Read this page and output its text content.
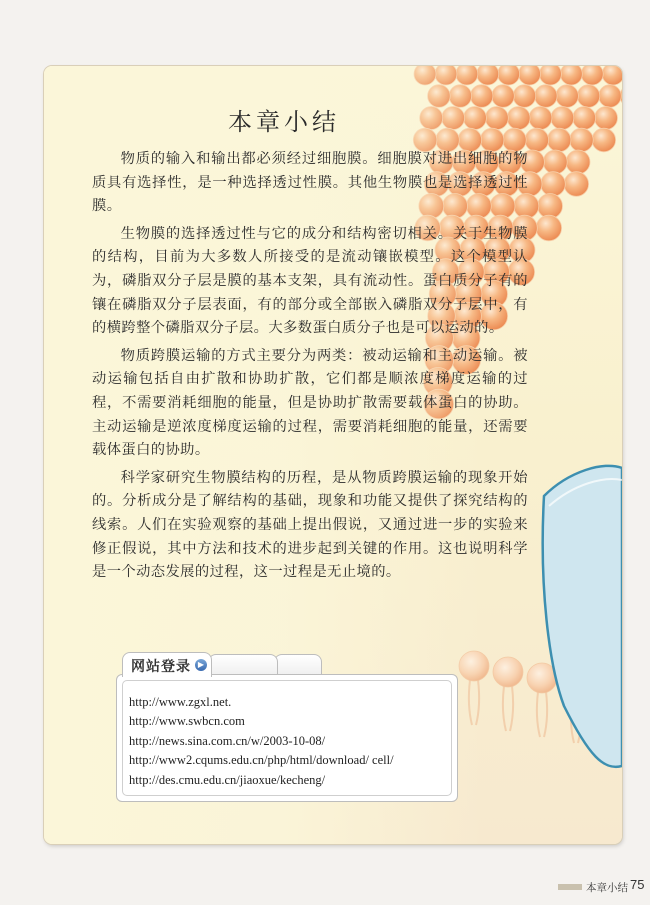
本章小结

物质的输入和输出都必须经过细胞膜。细胞膜对进出细胞的物质具有选择性，是一种选择透过性膜。其他生物膜也是选择透过性膜。

生物膜的选择透过性与它的成分和结构密切相关。关于生物膜的结构，目前为大多数人所接受的是流动镶嵌模型。这个模型认为，磷脂双分子层是膜的基本支架，具有流动性。蛋白质分子有的镶在磷脂双分子层表面，有的部分或全部嵌入磷脂双分子层中，有的横跨整个磷脂双分子层。大多数蛋白质分子也是可以运动的。

物质跨膜运输的方式主要分为两类：被动运输和主动运输。被动运输包括自由扩散和协助扩散，它们都是顺浓度梯度运输的过程，不需要消耗细胞的能量，但是协助扩散需要载体蛋白的协助。主动运输是逆浓度梯度运输的过程，需要消耗细胞的能量，还需要载体蛋白的协助。

科学家研究生物膜结构的历程，是从物质跨膜运输的现象开始的。分析成分是了解结构的基础，现象和功能又提供了探究结构的线索。人们在实验观察的基础上提出假说，又通过进一步的实验来修正假说，其中方法和技术的进步起到关键的作用。这也说明科学是一个动态发展的过程，这一过程是无止境的。

网站登录 ▶
http://www.zgxl.net.
http://www.swbcn.com
http://news.sina.com.cn/w/2003-10-08/
http://www2.cqums.edu.cn/php/html/download/ cell/
http://des.cmu.edu.cn/jiaoxue/kecheng/
本章小结 75
